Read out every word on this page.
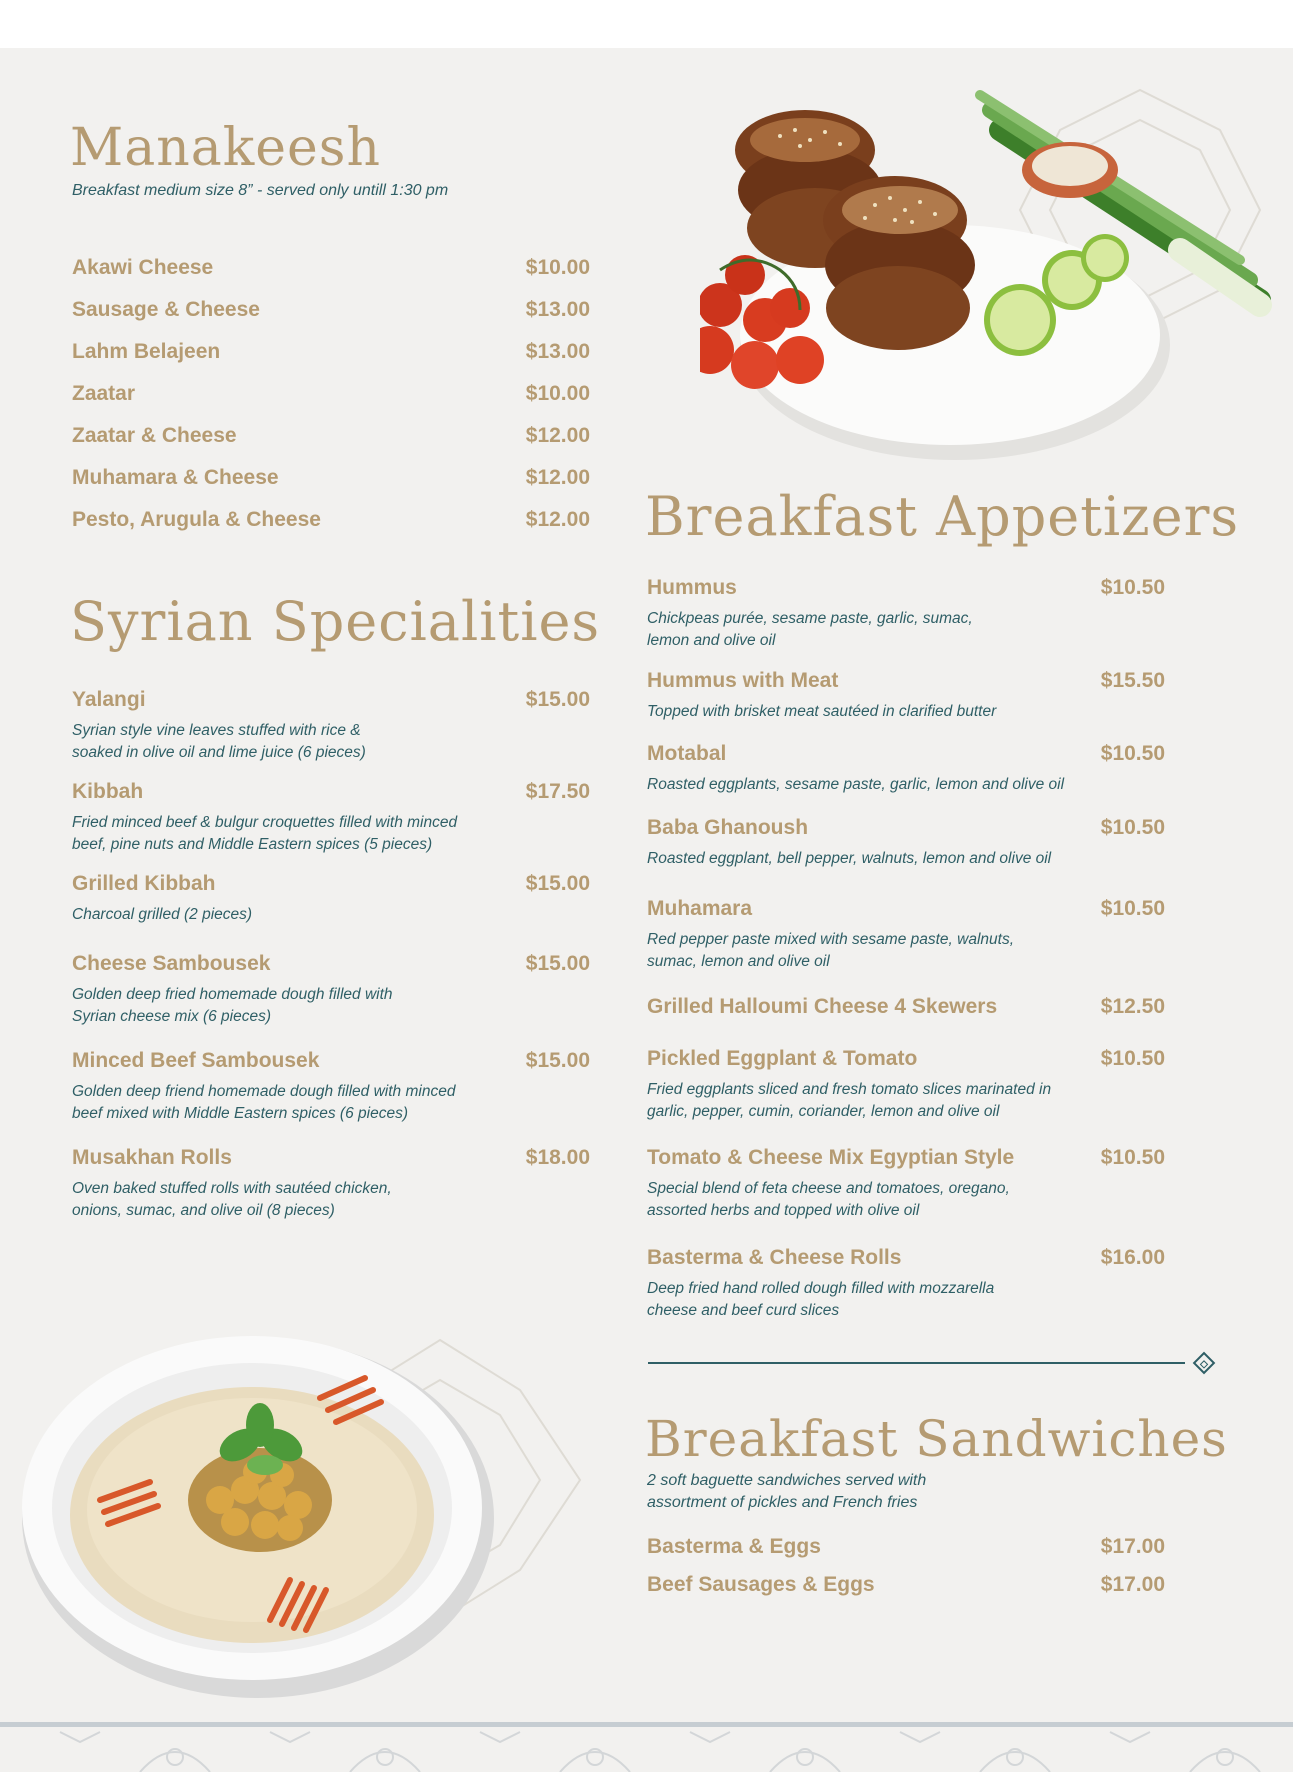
Manakeesh
Breakfast medium size 8” - served only untill 1:30 pm
Akawi Cheese	$10.00
Sausage & Cheese	$13.00
Lahm Belajeen	$13.00
Zaatar	$10.00
Zaatar & Cheese	$12.00
Muhamara & Cheese	$12.00
Pesto, Arugula & Cheese	$12.00
Syrian Specialities
Yalangi	$15.00
Syrian style vine leaves stuffed with rice &
soaked in olive oil and lime juice (6 pieces)
Kibbah	$17.50
Fried minced beef & bulgur croquettes filled with minced
beef, pine nuts and Middle Eastern spices (5 pieces)
Grilled Kibbah	$15.00
Charcoal grilled (2 pieces)
Cheese Sambousek	$15.00
Golden deep fried homemade dough filled with
Syrian cheese mix (6 pieces)
Minced Beef Sambousek	$15.00
Golden deep friend homemade dough filled with minced
beef mixed with Middle Eastern spices (6 pieces)
Musakhan Rolls	$18.00
Oven baked stuffed rolls with sautéed chicken,
onions, sumac, and olive oil (8 pieces)
Breakfast Appetizers
Hummus	$10.50
Chickpeas purée, sesame paste, garlic, sumac,
lemon and olive oil
Hummus with Meat	$15.50
Topped with brisket meat sautéed in clarified butter
Motabal	$10.50
Roasted eggplants, sesame paste, garlic, lemon and olive oil
Baba Ghanoush	$10.50
Roasted eggplant, bell pepper, walnuts, lemon and olive oil
Muhamara	$10.50
Red pepper paste mixed with sesame paste, walnuts,
sumac, lemon and olive oil
Grilled Halloumi Cheese 4 Skewers	$12.50
Pickled Eggplant & Tomato	$10.50
Fried eggplants sliced and fresh tomato slices marinated in
garlic, pepper, cumin, coriander, lemon and olive oil
Tomato & Cheese Mix Egyptian Style	$10.50
Special blend of feta cheese and tomatoes, oregano,
assorted herbs and topped with olive oil
Basterma & Cheese Rolls	$16.00
Deep fried hand rolled dough filled with mozzarella
cheese and beef curd slices
Breakfast Sandwiches
2 soft baguette sandwiches served with
assortment of pickles and French fries
Basterma & Eggs	$17.00
Beef Sausages & Eggs	$17.00
